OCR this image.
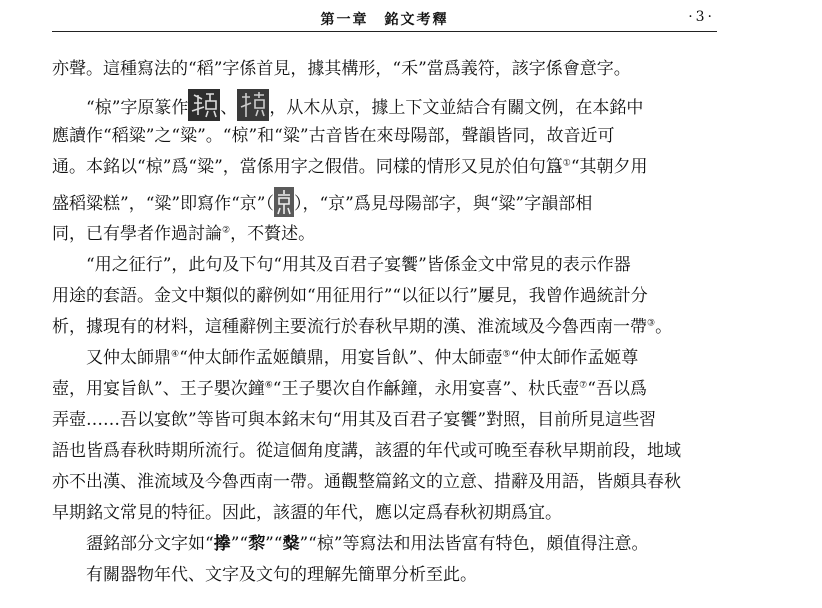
第一章　銘文考釋	·3·
亦聲。這種寫法的“稻”字係首見，據其構形，“禾”當爲義符，該字係會意字。
“椋”字原篆作 、 ，从木从京，據上下文並結合有關文例，在本銘中
應讀作“稻粱”之“粱”。“椋”和“粱”古音皆在來母陽部，聲韻皆同，故音近可
通。本銘以“椋”爲“粱”，當係用字之假借。同樣的情形又見於伯句簋①“其朝夕用
盛稻粱糕”，“粱”即寫作“京”（ ），“京”爲見母陽部字，與“粱”字韻部相
同，已有學者作過討論②，不贅述。
“用之征行”，此句及下句“用其及百君子宴饗”皆係金文中常見的表示作器
用途的套語。金文中類似的辭例如“用征用行”“以征以行”屢見，我曾作過統計分
析，據現有的材料，這種辭例主要流行於春秋早期的漢、淮流域及今魯西南一帶③。
又仲太師鼎④“仲太師作孟姬饙鼎，用宴旨飤”、仲太師壺⑤“仲太師作孟姬尊
壺，用宴旨飤”、王子嬰次鐘⑥“王子嬰次自作龢鐘，永用宴喜”、杕氏壺⑦“吾以爲
弄壺……吾以宴飲”等皆可與本銘末句“用其及百君子宴饗”對照，目前所見這些習
語也皆爲春秋時期所流行。從這個角度講，該盨的年代或可晚至春秋早期前段，地域
亦不出漢、淮流域及今魯西南一帶。通觀整篇銘文的立意、措辭及用語，皆頗具春秋
早期銘文常見的特征。因此，該盨的年代，應以定爲春秋初期爲宜。
盨銘部分文字如“搼”“𥟖”“𥻦”“椋”等寫法和用法皆富有特色，頗值得注意。
有關器物年代、文字及文句的理解先簡單分析至此。
